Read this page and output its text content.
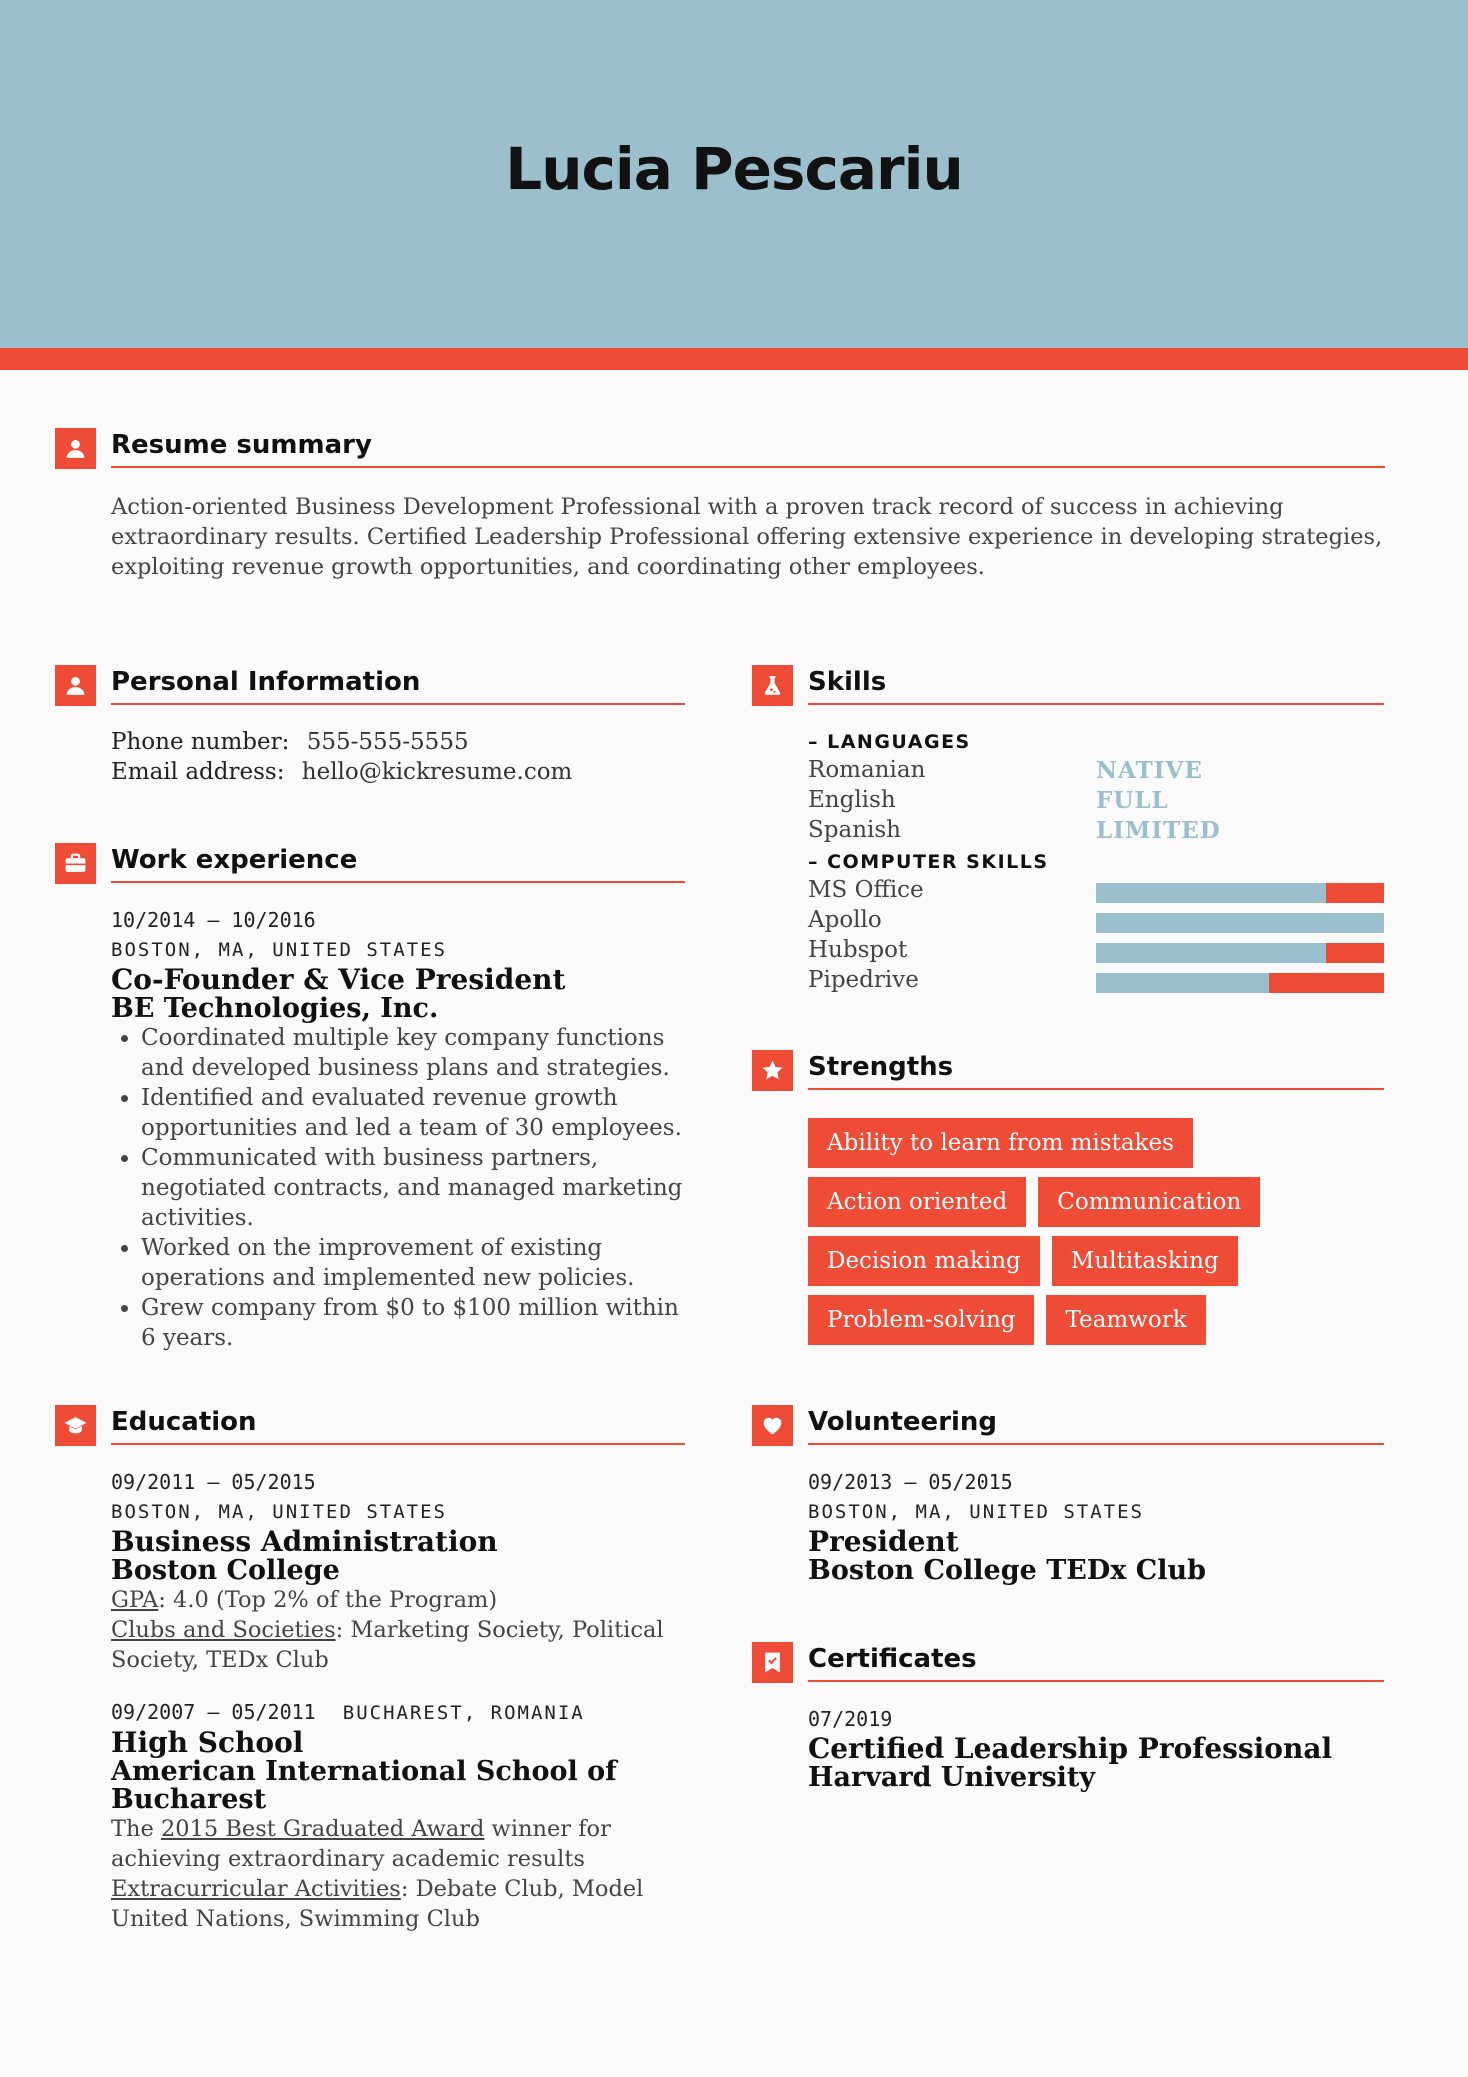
Lucia Pescariu
Resume summary
Action-oriented Business Development Professional with a proven track record of success in achieving extraordinary results. Certified Leadership Professional offering extensive experience in developing strategies, exploiting revenue growth opportunities, and coordinating other employees.
Personal Information
Phone number: 555-555-5555
Email address: hello@kickresume.com
Work experience
10/2014 – 10/2016
BOSTON, MA, UNITED STATES
Co-Founder & Vice President
BE Technologies, Inc.
• Coordinated multiple key company functions and developed business plans and strategies.
• Identified and evaluated revenue growth opportunities and led a team of 30 employees.
• Communicated with business partners, negotiated contracts, and managed marketing activities.
• Worked on the improvement of existing operations and implemented new policies.
• Grew company from $0 to $100 million within 6 years.
Education
09/2011 – 05/2015
BOSTON, MA, UNITED STATES
Business Administration
Boston College
GPA: 4.0 (Top 2% of the Program)
Clubs and Societies: Marketing Society, Political Society, TEDx Club
09/2007 – 05/2011 BUCHAREST, ROMANIA
High School
American International School of Bucharest
The 2015 Best Graduated Award winner for achieving extraordinary academic results
Extracurricular Activities: Debate Club, Model United Nations, Swimming Club
Skills
– LANGUAGES
Romanian	NATIVE
English	FULL
Spanish	LIMITED
– COMPUTER SKILLS
MS Office
Apollo
Hubspot
Pipedrive
Strengths
Ability to learn from mistakes
Action oriented Communication
Decision making Multitasking
Problem-solving Teamwork
Volunteering
09/2013 – 05/2015
BOSTON, MA, UNITED STATES
President
Boston College TEDx Club
Certificates
07/2019
Certified Leadership Professional
Harvard University
